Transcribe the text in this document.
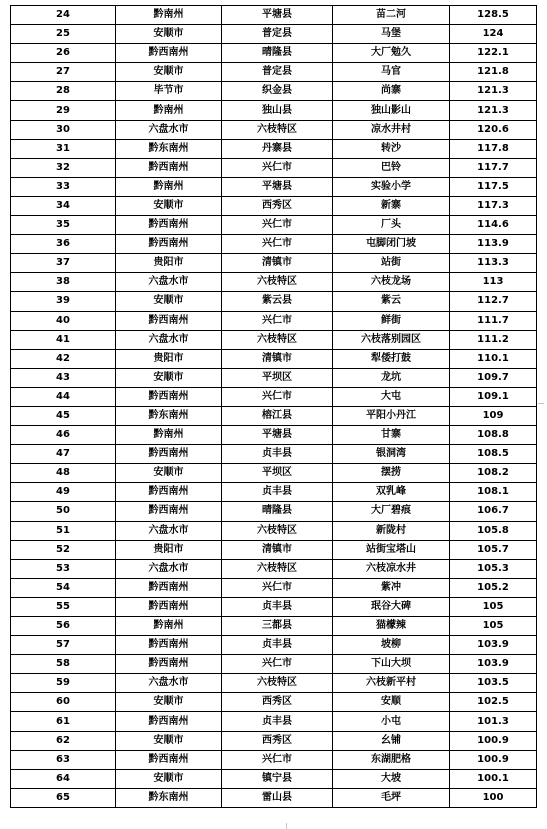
24	黔南州	平塘县	苗二河	128.5
25	安顺市	普定县	马堡	124
26	黔西南州	晴隆县	大厂勉久	122.1
27	安顺市	普定县	马官	121.8
28	毕节市	织金县	尚寨	121.3
29	黔南州	独山县	独山影山	121.3
30	六盘水市	六枝特区	凉水井村	120.6
31	黔东南州	丹寨县	转沙	117.8
32	黔西南州	兴仁市	巴铃	117.7
33	黔南州	平塘县	实验小学	117.5
34	安顺市	西秀区	新寨	117.3
35	黔西南州	兴仁市	厂头	114.6
36	黔西南州	兴仁市	屯脚闭门坡	113.9
37	贵阳市	清镇市	站街	113.3
38	六盘水市	六枝特区	六枝龙场	113
39	安顺市	紫云县	紫云	112.7
40	黔西南州	兴仁市	鲜街	111.7
41	六盘水市	六枝特区	六枝落别园区	111.2
42	贵阳市	清镇市	犁倭打鼓	110.1
43	安顺市	平坝区	龙坑	109.7
44	黔西南州	兴仁市	大屯	109.1
45	黔东南州	榕江县	平阳小丹江	109
46	黔南州	平塘县	甘寨	108.8
47	黔西南州	贞丰县	银洞湾	108.5
48	安顺市	平坝区	摆捞	108.2
49	黔西南州	贞丰县	双乳峰	108.1
50	黔西南州	晴隆县	大厂碧痕	106.7
51	六盘水市	六枝特区	新陇村	105.8
52	贵阳市	清镇市	站街宝塔山	105.7
53	六盘水市	六枝特区	六枝凉水井	105.3
54	黔西南州	兴仁市	紫冲	105.2
55	黔西南州	贞丰县	珉谷大碑	105
56	黔南州	三都县	猫檬辣	105
57	黔西南州	贞丰县	坡柳	103.9
58	黔西南州	兴仁市	下山大坝	103.9
59	六盘水市	六枝特区	六枝新平村	103.5
60	安顺市	西秀区	安顺	102.5
61	黔西南州	贞丰县	小屯	101.3
62	安顺市	西秀区	幺铺	100.9
63	黔西南州	兴仁市	东湖肥格	100.9
64	安顺市	镇宁县	大坡	100.1
65	黔东南州	雷山县	毛坪	100
